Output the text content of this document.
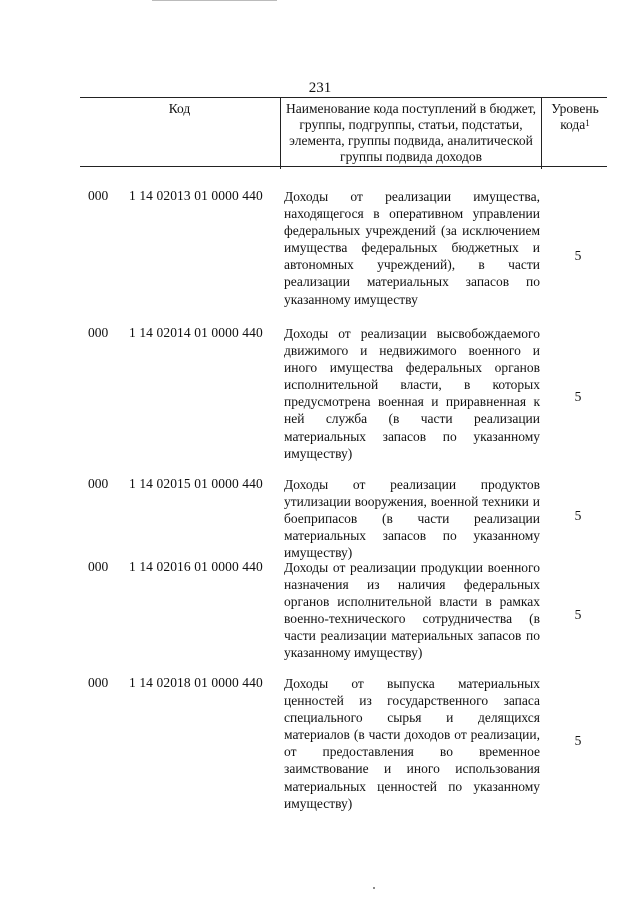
231
Код	Наименование кода поступлений в бюджет, группы, подгруппы, статьи, подстатьи, элемента, группы подвида, аналитической группы подвида доходов
Уровень кода$^1$
000 1 14 02013 01 0000 440 Доходы от реализации имущества, находящегося в оперативном управлении федеральных учреждений (за исключением имущества федеральных бюджетных и автономных учреждений), в части реализации материальных запасов по указанному имуществу
5
000 1 14 02014 01 0000 440 Доходы от реализации высвобождаемого движимого и недвижимого военного и иного имущества федеральных органов исполнительной власти, в которых предусмотрена военная и приравненная к ней служба (в части реализации материальных запасов по указанному имуществу)
5
000 1 14 02015 01 0000 440 Доходы от реализации продуктов утилизации вооружения, военной техники и боеприпасов (в части реализации материальных запасов по указанному имуществу)
5
000 1 14 02016 01 0000 440 Доходы от реализации продукции военного назначения из наличия федеральных органов исполнительной власти в рамках военно-технического сотрудничества (в части реализации материальных запасов по указанному имуществу)
5
000 1 14 02018 01 0000 440 Доходы от выпуска материальных ценностей из государственного запаса специального сырья и делящихся материалов (в части доходов от реализации, от предоставления во временное заимствование и иного использования материальных ценностей по указанному имуществу)
5
